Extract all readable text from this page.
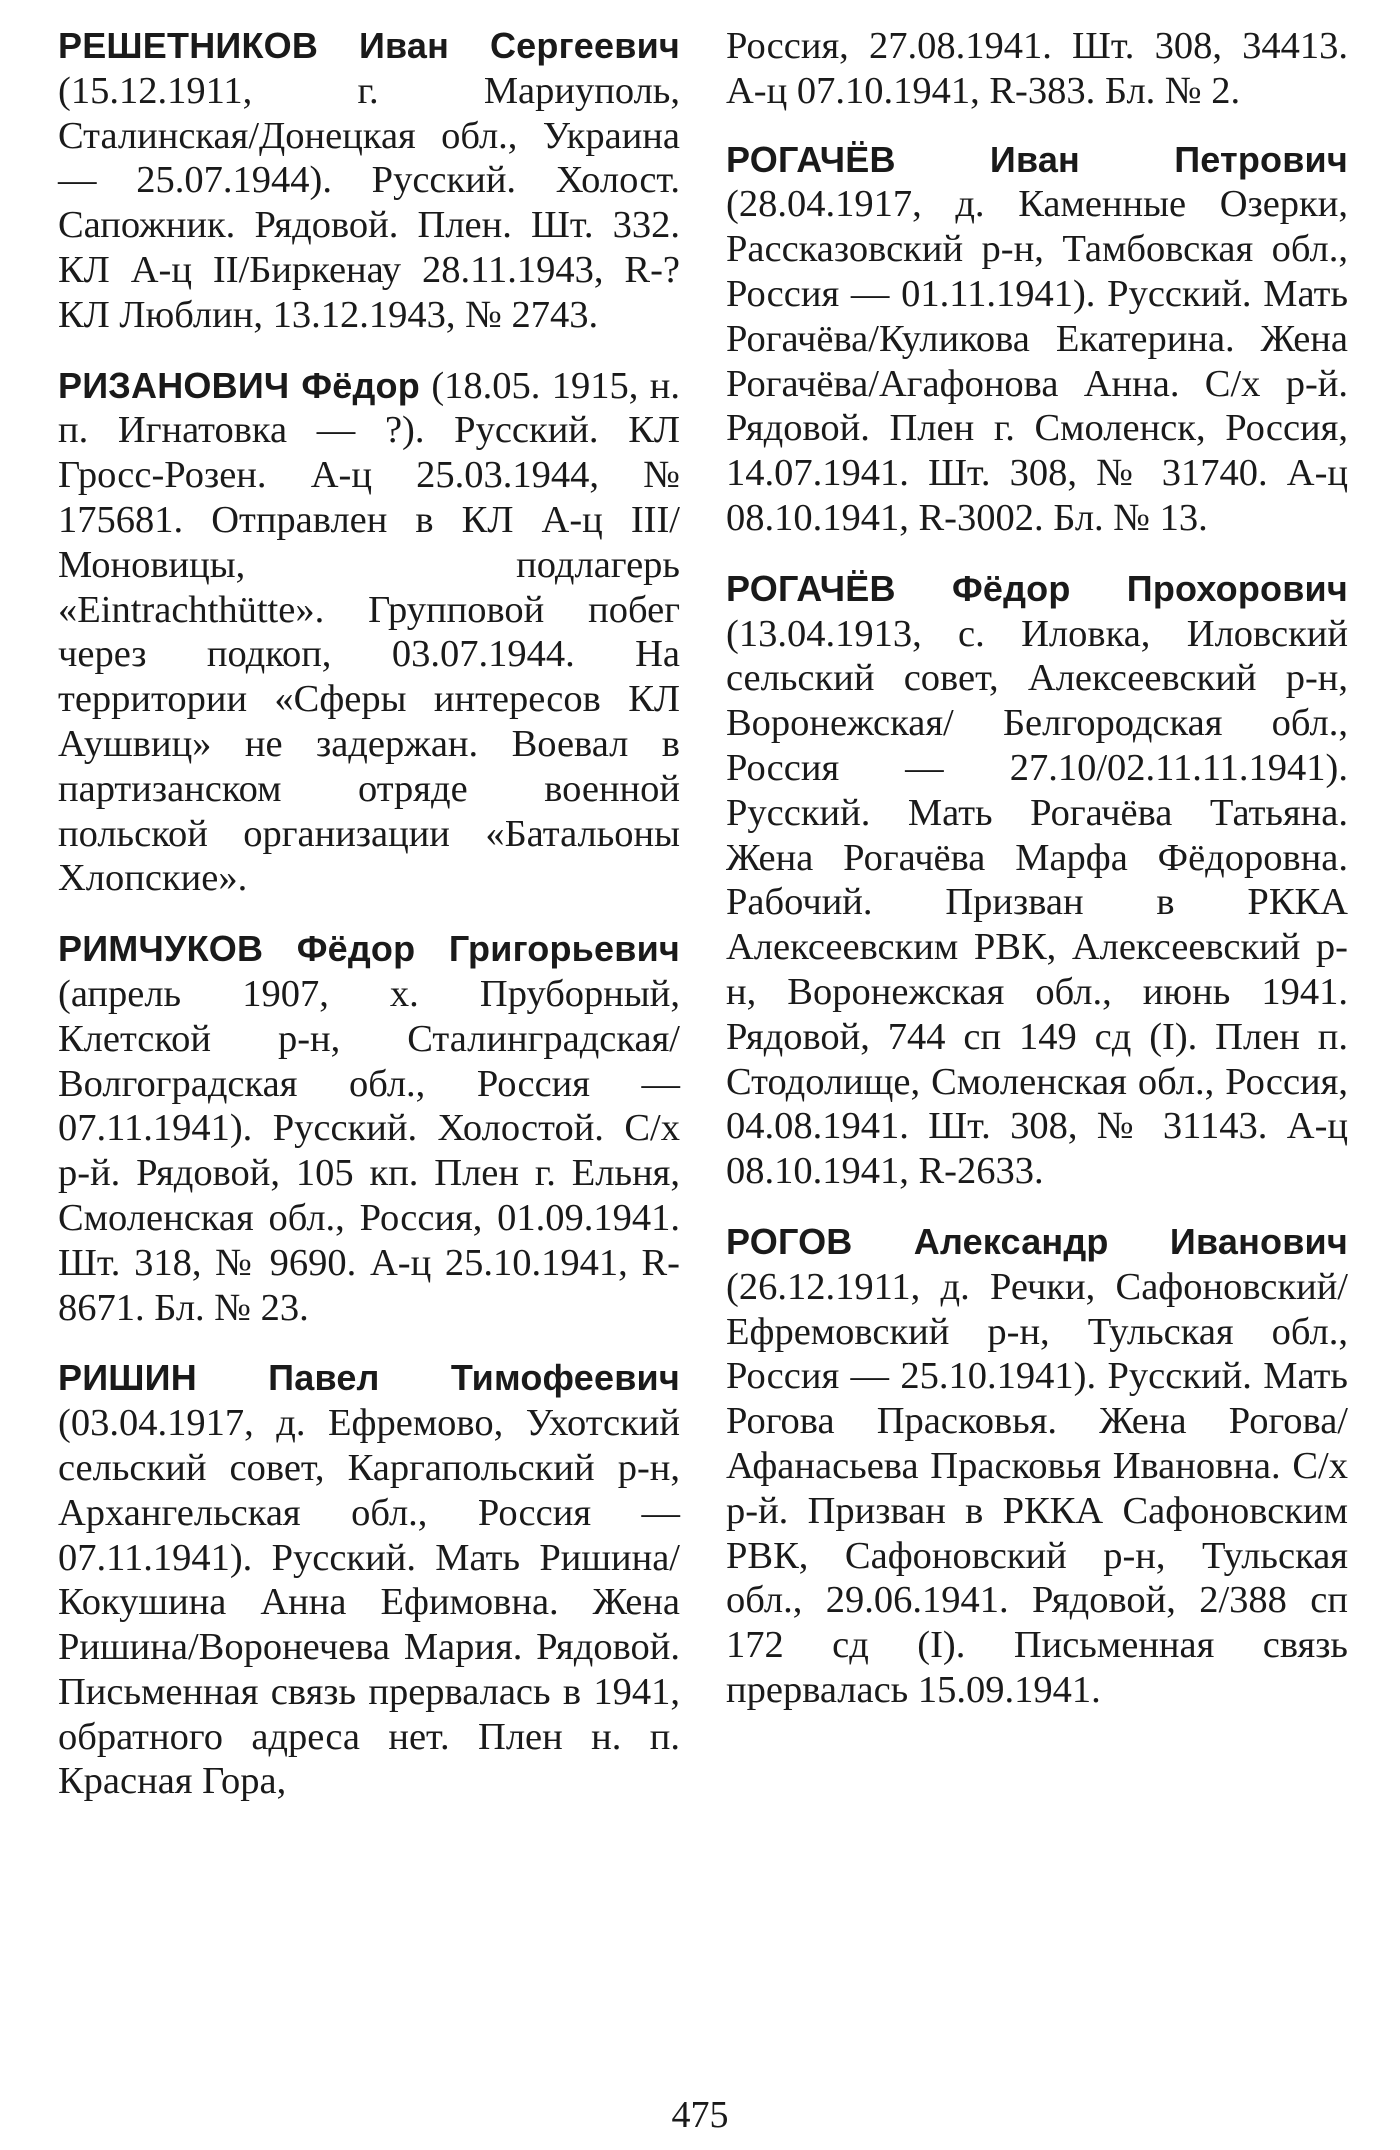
РЕШЕТНИКОВ Иван Сергеевич (15.12.1911, г. Мариуполь, Сталинская/Донецкая обл., Украина — 25.07.1944). Русский. Холост. Сапожник. Рядовой. Плен. Шт. 332. КЛ А-ц II/Биркенау 28.11.1943, R-? КЛ Люблин, 13.12.1943, № 2743.

РИЗАНОВИЧ Фёдор (18.05. 1915, н. п. Игнатовка — ?). Русский. КЛ Гросс-Розен. А-ц 25.03.1944, № 175681. Отправлен в КЛ А-ц III/Моновицы, подлагерь «Eintrachthütte». Групповой побег через подкоп, 03.07.1944. На территории «Сферы интересов КЛ Аушвиц» не задержан. Воевал в партизанском отряде военной польской организации «Батальоны Хлопские».

РИМЧУКОВ Фёдор Григорьевич (апрель 1907, х. Пруборный, Клетской р-н, Сталинградская/Волгоградская обл., Россия — 07.11.1941). Русский. Холостой. С/х р-й. Рядовой, 105 кп. Плен г. Ельня, Смоленская обл., Россия, 01.09.1941. Шт. 318, № 9690. А-ц 25.10.1941, R-8671. Бл. № 23.

РИШИН Павел Тимофеевич (03.04.1917, д. Ефремово, Ухотский сельский совет, Каргапольский р-н, Архангельская обл., Россия — 07.11.1941). Русский. Мать Ришина/Кокушина Анна Ефимовна. Жена Ришина/Воронечева Мария. Рядовой. Письменная связь прервалась в 1941, обратного адреса нет. Плен н. п. Красная Гора,

Россия, 27.08.1941. Шт. 308, 34413. А-ц 07.10.1941, R-383. Бл. № 2.

РОГАЧЁВ Иван Петрович (28.04.1917, д. Каменные Озерки, Рассказовский р-н, Тамбовская обл., Россия — 01.11.1941). Русский. Мать Рогачёва/Куликова Екатерина. Жена Рогачёва/Агафонова Анна. С/х р-й. Рядовой. Плен г. Смоленск, Россия, 14.07.1941. Шт. 308, № 31740. А-ц 08.10.1941, R-3002. Бл. № 13.

РОГАЧЁВ Фёдор Прохорович (13.04.1913, с. Иловка, Иловский сельский совет, Алексеевский р-н, Воронежская/ Белгородская обл., Россия — 27.10/02.11.11.1941). Русский. Мать Рогачёва Татьяна. Жена Рогачёва Марфа Фёдоровна. Рабочий. Призван в РККА Алексеевским РВК, Алексеевский р-н, Воронежская обл., июнь 1941. Рядовой, 744 сп 149 сд (I). Плен п. Стодолище, Смоленская обл., Россия, 04.08.1941. Шт. 308, № 31143. А-ц 08.10.1941, R-2633.

РОГОВ Александр Иванович (26.12.1911, д. Речки, Сафоновский/Ефремовский р-н, Тульская обл., Россия — 25.10.1941). Русский. Мать Рогова Прасковья. Жена Рогова/Афанасьева Прасковья Ивановна. С/х р-й. Призван в РККА Сафоновским РВК, Сафоновский р-н, Тульская обл., 29.06.1941. Рядовой, 2/388 сп 172 сд (I). Письменная связь прервалась 15.09.1941.

475
